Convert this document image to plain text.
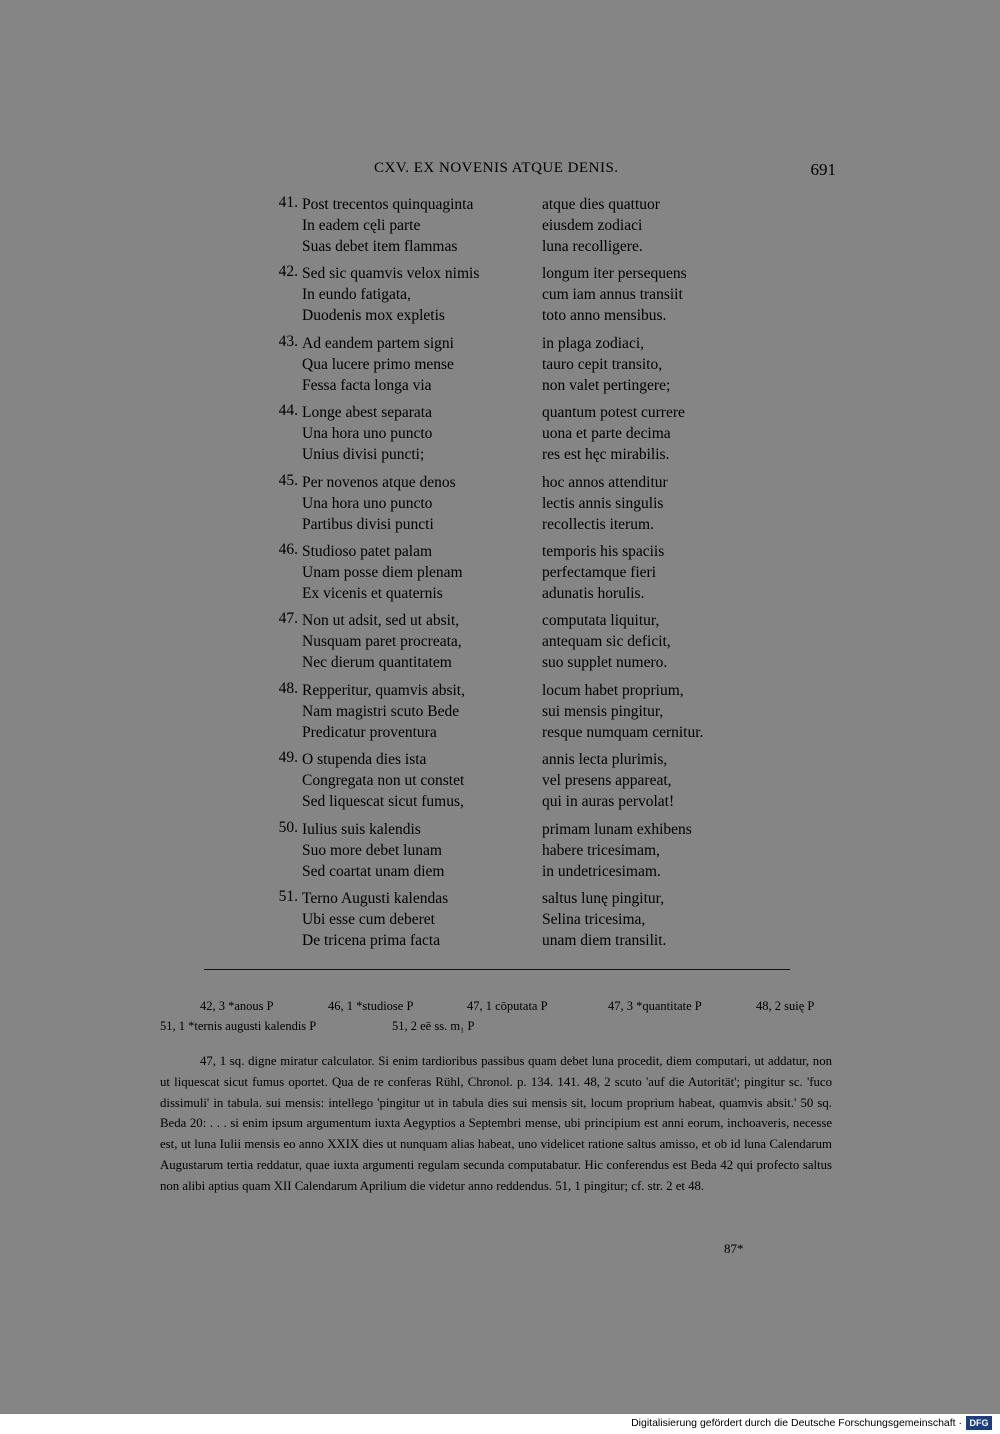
CXV. EX NOVENIS ATQUE DENIS.	691
41. Post trecentos quinquaginta	atque dies quattuor
In eadem cęli parte	eiusdem zodiaci
Suas debet item flammas	luna recolligere.
42. Sed sic quamvis velox nimis	longum iter persequens
In eundo fatigata,	cum iam annus transiit
Duodenis mox expletis	toto anno mensibus.
43. Ad eandem partem signi	in plaga zodiaci,
Qua lucere primo mense	tauro cepit transito,
Fessa facta longa via	non valet pertingere;
44. Longe abest separata	quantum potest currere
Una hora uno puncto	uona et parte decima
Unius divisi puncti;	res est hęc mirabilis.
45. Per novenos atque denos	hoc annos attenditur
Una hora uno puncto	lectis annis singulis
Partibus divisi puncti	recollectis iterum.
46. Studioso patet palam	temporis his spaciis
Unam posse diem plenam	perfectamque fieri
Ex vicenis et quaternis	adunatis horulis.
47. Non ut adsit, sed ut absit,	computata liquitur,
Nusquam paret procreata,	antequam sic deficit,
Nec dierum quantitatem	suo supplet numero.
48. Repperitur, quamvis absit,	locum habet proprium,
Nam magistri scuto Bede	sui mensis pingitur,
Predicatur proventura	resque numquam cernitur.
49. O stupenda dies ista	annis lecta plurimis,
Congregata non ut constet	vel presens appareat,
Sed liquescat sicut fumus,	qui in auras pervolat!
50. Iulius suis kalendis	primam lunam exhibens
Suo more debet lunam	habere tricesimam,
Sed coartat unam diem	in undetricesimam.
51. Terno Augusti kalendas	saltus lunę pingitur,
Ubi esse cum deberet	Selina tricesima,
De tricena prima facta	unam diem transilit.
42, 3 *anous P	46, 1 *studiose P	47, 1 cōputata P	47, 3 *quantitate P	48, 2 suię P
51, 1 *ternis augusti kalendis P	51, 2 eē ss. m₁ P

47, 1 sq. digne miratur calculator. Si enim tardioribus passibus quam debet luna procedit, diem computari, ut addatur, non ut liquescat sicut fumus oportet. Qua de re conferas Rühl, Chronol. p. 134. 141. 48, 2 scuto 'auf die Autorität'; pingitur sc. 'fuco dissimuli' in tabula. sui mensis: intellego 'pingitur ut in tabula dies sui mensis sit, locum proprium habeat, quamvis absit.' 50 sq. Beda 20: . . . si enim ipsum argumentum iuxta Aegyptios a Septembri mense, ubi principium est anni eorum, inchoaveris, necesse est, ut luna Iulii mensis eo anno XXIX dies ut nunquam alias habeat, uno videlicet ratione saltus amisso, et ob id luna Calendarum Augustarum tertia reddatur, quae iuxta argumenti regulam secunda computabatur. Hic conferendus est Beda 42 qui profecto saltus non alibi aptius quam XII Calendarum Aprilium die videtur anno reddendus. 51, 1 pingitur; cf. str. 2 et 48.

87*
Digitalisierung gefördert durch die Deutsche Forschungsgemeinschaft · DFG
